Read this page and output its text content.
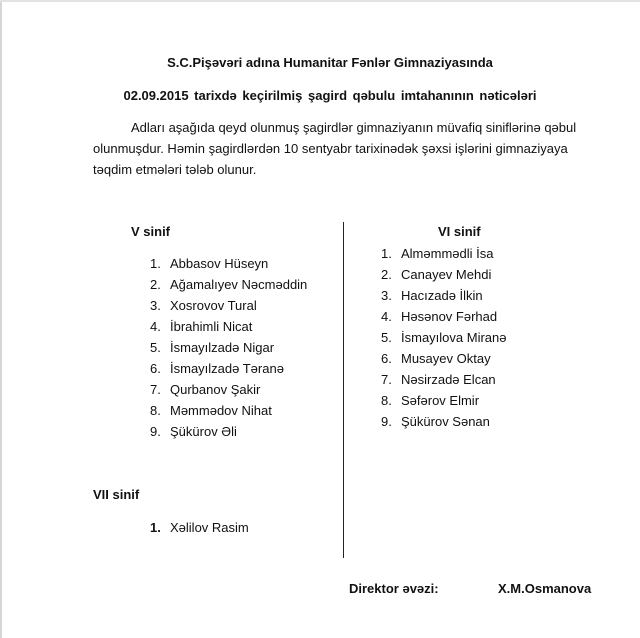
S.C.Pişəvəri adına Humanitar Fənlər Gimnaziyasında
02.09.2015 tarixdə keçirilmiş şagird qəbulu imtahanının nəticələri
Adları aşağıda qeyd olunmuş şagirdlər gimnaziyanın müvafiq siniflərinə qəbul olunmuşdur. Həmin şagirdlərdən 10 sentyabr tarixinədək şəxsi işlərini gimnaziyaya təqdim etmələri tələb olunur.
V sinif
1. Abbasov Hüseyn
2. Ağamalıyev Nəcməddin
3. Xosrovov Tural
4. İbrahimli Nicat
5. İsmayılzadə Nigar
6. İsmayılzadə Təranə
7. Qurbanov Şakir
8. Məmmədov Nihat
9. Şükürov Əli
VI sinif
1. Alməmmədli İsa
2. Canayev Mehdi
3. Hacızadə İlkin
4. Həsənov Fərhad
5. İsmayılova Miranə
6. Musayev Oktay
7. Nəsirzadə Elcan
8. Səfərov Elmir
9. Şükürov Sənan
VII sinif
1. Xəlilov Rasim
Direktor əvəzi:	X.M.Osmanova
